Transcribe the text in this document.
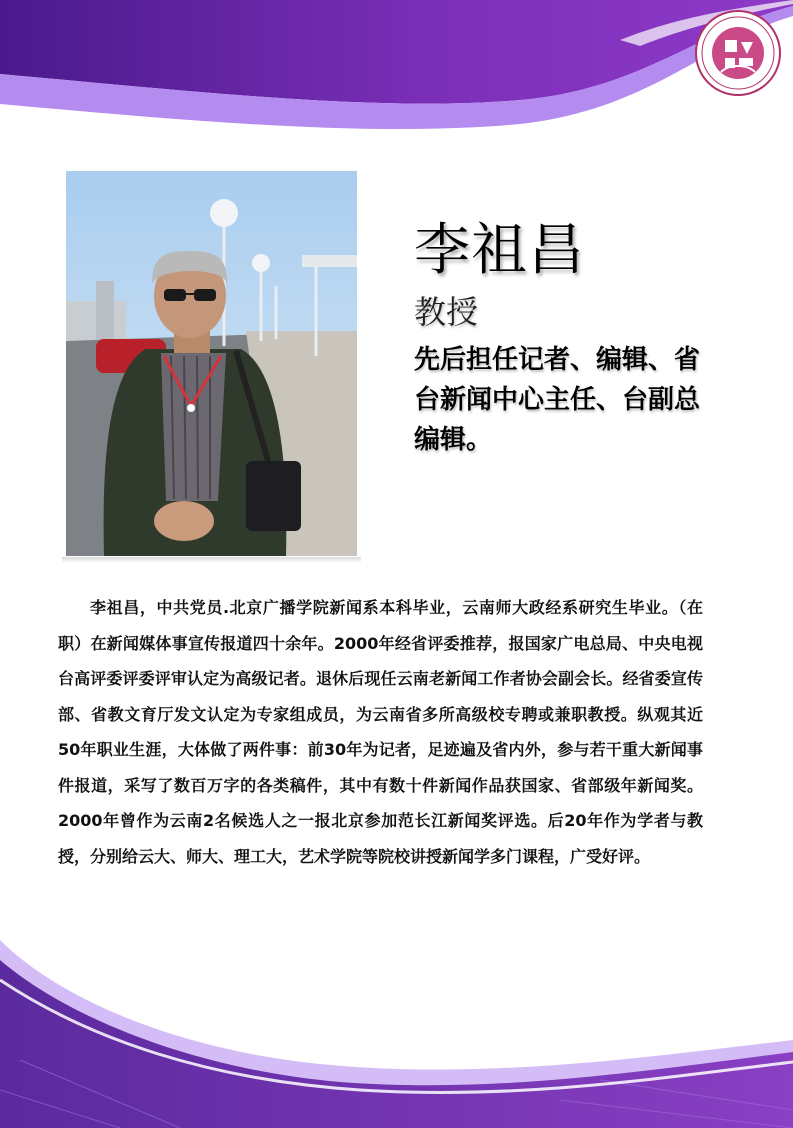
李祖昌
教授
先后担任记者、编辑、省台新闻中心主任、台副总编辑。

李祖昌，中共党员.北京广播学院新闻系本科毕业，云南师大政经系研究生毕业。（在职）在新闻媒体事宣传报道四十余年。2000年经省评委推荐，报国家广电总局、中央电视台高评委评委评审认定为高级记者。退休后现任云南老新闻工作者协会副会长。经省委宣传部、省教文育厅发文认定为专家组成员，为云南省多所高级校专聘或兼职教授。纵观其近50年职业生涯，大体做了两件事：前30年为记者，足迹遍及省内外，参与若干重大新闻事件报道，采写了数百万字的各类稿件，其中有数十件新闻作品获国家、省部级年新闻奖。2000年曾作为云南2名候选人之一报北京参加范长江新闻奖评选。后20年作为学者与教授，分别给云大、师大、理工大，艺术学院等院校讲授新闻学多门课程，广受好评。
